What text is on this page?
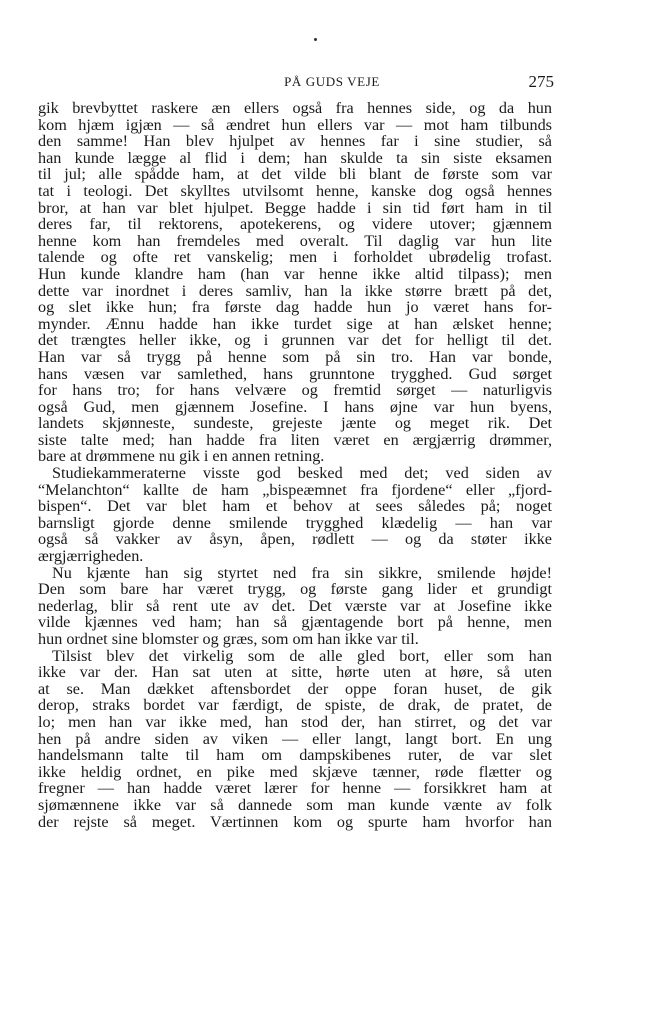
PÅ GUDS VEJE	275
gik brevbyttet raskere æn ellers også fra hennes side, og da hun
kom hjæm igjæn — så ændret hun ellers var — mot ham tilbunds
den samme! Han blev hjulpet av hennes far i sine studier, så
han kunde lægge al flid i dem; han skulde ta sin siste eksamen
til jul; alle spådde ham, at det vilde bli blant de første som var
tat i teologi. Det skylltes utvilsomt henne, kanske dog også hennes
bror, at han var blet hjulpet. Begge hadde i sin tid ført ham in til
deres far, til rektorens, apotekerens, og videre utover; gjænnem
henne kom han fremdeles med overalt. Til daglig var hun lite
talende og ofte ret vanskelig; men i forholdet ubrødelig trofast.
Hun kunde klandre ham (han var henne ikke altid tilpass); men
dette var inordnet i deres samliv, han la ikke større brætt på det,
og slet ikke hun; fra første dag hadde hun jo været hans for-
mynder. Ænnu hadde han ikke turdet sige at han ælsket henne;
det trængtes heller ikke, og i grunnen var det for helligt til det.
Han var så trygg på henne som på sin tro. Han var bonde,
hans væsen var samlethed, hans grunntone trygghed. Gud sørget
for hans tro; for hans velvære og fremtid sørget — naturligvis
også Gud, men gjænnem Josefine. I hans øjne var hun byens,
landets skjønneste, sundeste, grejeste jænte og meget rik. Det
siste talte med; han hadde fra liten været en ærgjærrig drømmer,
bare at drømmene nu gik i en annen retning.
Studiekammeraterne visste god besked med det; ved siden av
“Melanchton“ kallte de ham „bispeæmnet fra fjordene“ eller „fjord-
bispen“. Det var blet ham et behov at sees således på; noget
barnsligt gjorde denne smilende trygghed klædelig — han var
også så vakker av åsyn, åpen, rødlett — og da støter ikke
ærgjærrigheden.
Nu kjænte han sig styrtet ned fra sin sikkre, smilende højde!
Den som bare har været trygg, og første gang lider et grundigt
nederlag, blir så rent ute av det. Det værste var at Josefine ikke
vilde kjænnes ved ham; han så gjæntagende bort på henne, men
hun ordnet sine blomster og græs, som om han ikke var til.
Tilsist blev det virkelig som de alle gled bort, eller som han
ikke var der. Han sat uten at sitte, hørte uten at høre, så uten
at se. Man dækket aftensbordet der oppe foran huset, de gik
derop, straks bordet var færdigt, de spiste, de drak, de pratet, de
lo; men han var ikke med, han stod der, han stirret, og det var
hen på andre siden av viken — eller langt, langt bort. En ung
handelsmann talte til ham om dampskibenes ruter, de var slet
ikke heldig ordnet, en pike med skjæve tænner, røde flætter og
fregner — han hadde været lærer for henne — forsikkret ham at
sjømænnene ikke var så dannede som man kunde vænte av folk
der rejste så meget. Værtinnen kom og spurte ham hvorfor han
